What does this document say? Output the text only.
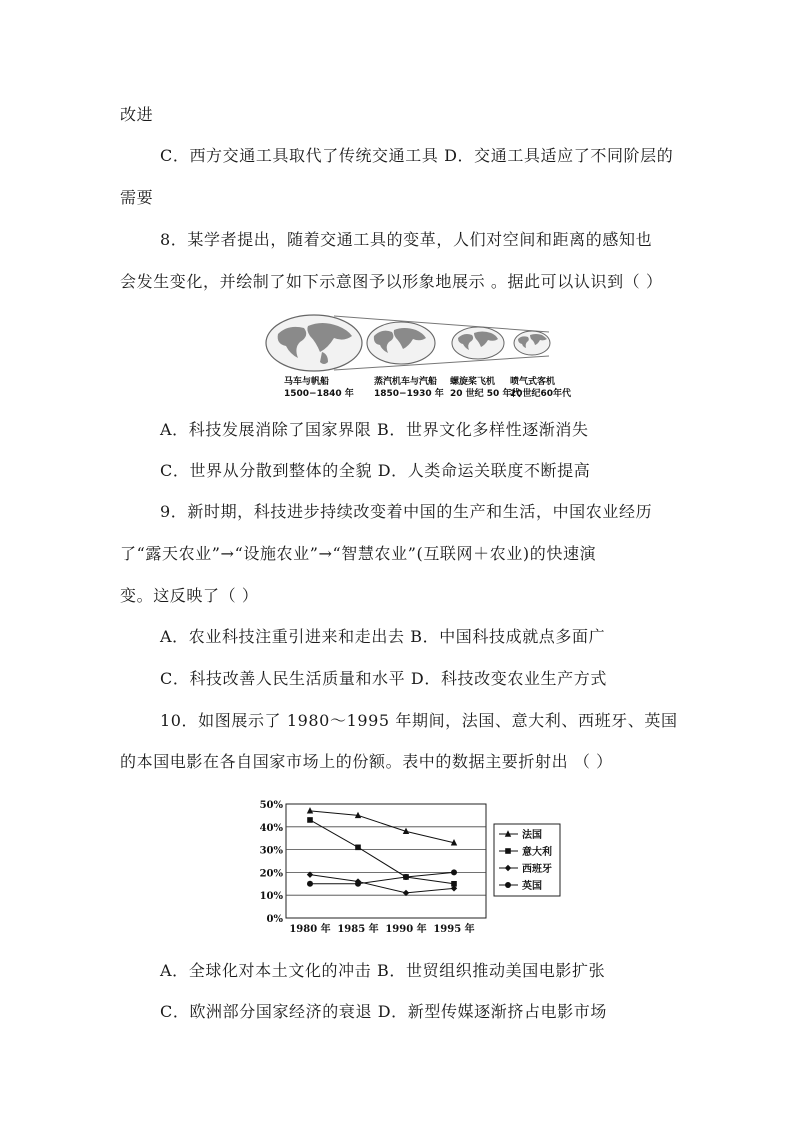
改进
C．西方交通工具取代了传统交通工具 D．交通工具适应了不同阶层的
需要
8．某学者提出，随着交通工具的变革，人们对空间和距离的感知也
会发生变化，并绘制了如下示意图予以形象地展示 。据此可以认识到（ ）
马车与帆船
1500−1840 年
蒸汽机车与汽船
1850−1930 年
螺旋桨飞机
20 世纪 50 年代
喷气式客机
20世纪60年代
A．科技发展消除了国家界限 B．世界文化多样性逐渐消失
C．世界从分散到整体的全貌 D．人类命运关联度不断提高
9．新时期，科技进步持续改变着中国的生产和生活，中国农业经历
了“露天农业”→“设施农业”→“智慧农业”(互联网＋农业)的快速演
变。这反映了（ ）
A．农业科技注重引进来和走出去 B．中国科技成就点多面广
C．科技改善人民生活质量和水平 D．科技改变农业生产方式
10．如图展示了 1980～1995 年期间，法国、意大利、西班牙、英国
的本国电影在各自国家市场上的份额。表中的数据主要折射出 （ ）
0%
10%
20%
30%
40%
50%
1980 年 1985 年 1990 年 1995 年
法国
意大利
西班牙
英国
A．全球化对本土文化的冲击 B．世贸组织推动美国电影扩张
C．欧洲部分国家经济的衰退 D．新型传媒逐渐挤占电影市场
